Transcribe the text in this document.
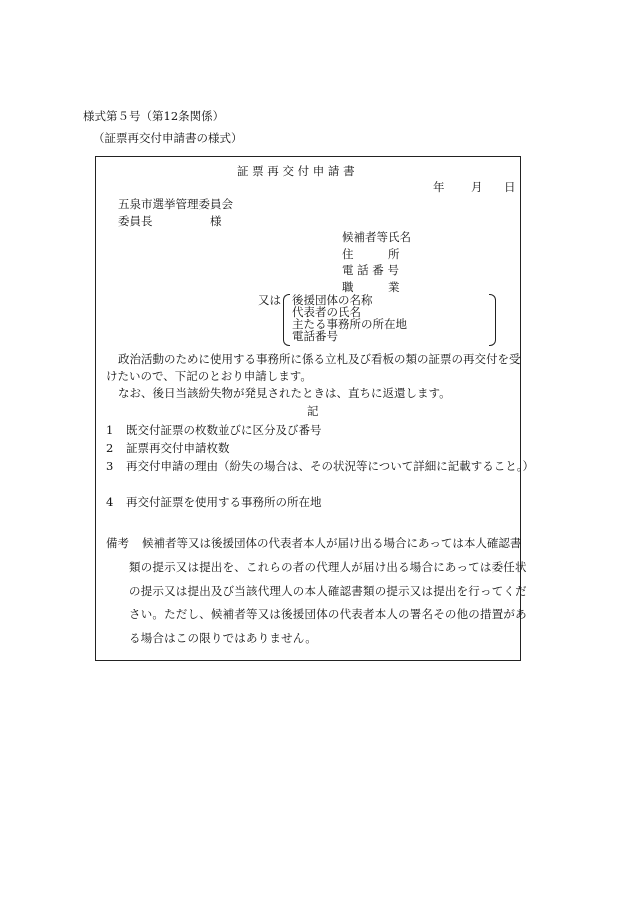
様式第５号（第12条関係）
（証票再交付申請書の様式）
証 票 再 交 付 申 請 書
年 月 日
五泉市選挙管理委員会
委員長	様
候補者等氏名
住　　　所
電 話 番 号
職　　　業
又は 後援団体の名称
代表者の氏名
主たる事務所の所在地
電話番号
政治活動のために使用する事務所に係る立札及び看板の類の証票の再交付を受
けたいので、下記のとおり申請します。
なお、後日当該紛失物が発見されたときは、直ちに返還します。
記
1 既交付証票の枚数並びに区分及び番号
2 証票再交付申請枚数
3 再交付申請の理由（紛失の場合は、その状況等について詳細に記載すること。）
4 再交付証票を使用する事務所の所在地
備考 候補者等又は後援団体の代表者本人が届け出る場合にあっては本人確認書
類の提示又は提出を、これらの者の代理人が届け出る場合にあっては委任状
の提示又は提出及び当該代理人の本人確認書類の提示又は提出を行ってくだ
さい。ただし、候補者等又は後援団体の代表者本人の署名その他の措置があ
る場合はこの限りではありません。
